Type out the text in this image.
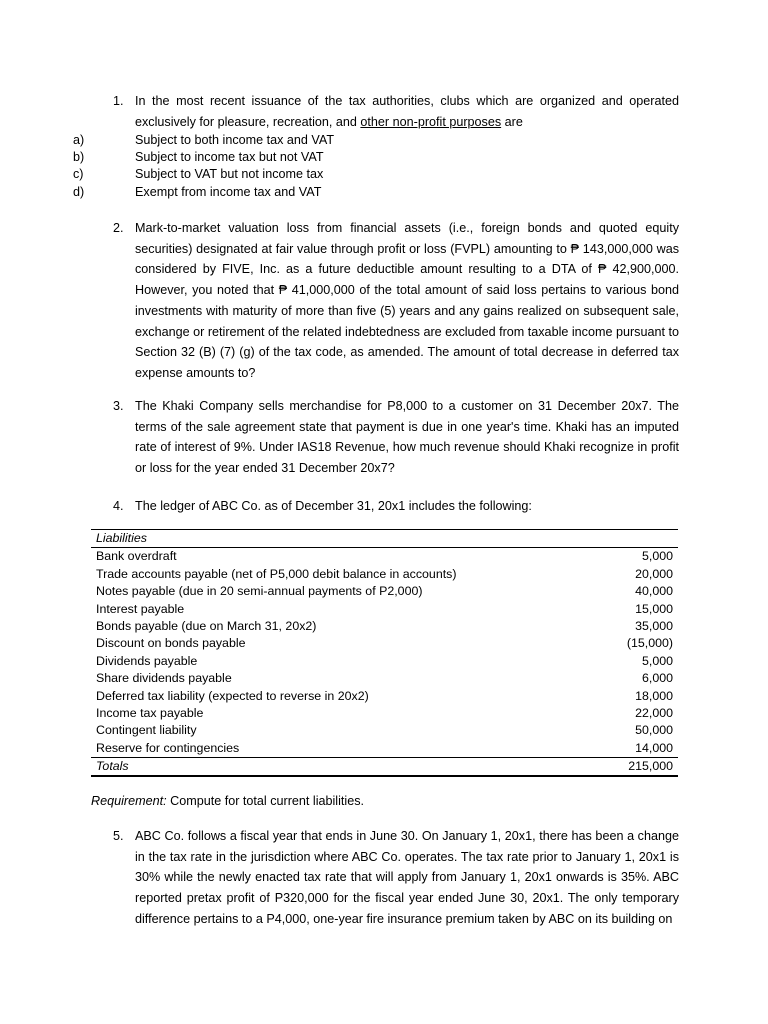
1. In the most recent issuance of the tax authorities, clubs which are organized and operated exclusively for pleasure, recreation, and other non-profit purposes are
a)	Subject to both income tax and VAT
b)	Subject to income tax but not VAT
c)	Subject to VAT but not income tax
d)	Exempt from income tax and VAT
2. Mark-to-market valuation loss from financial assets (i.e., foreign bonds and quoted equity securities) designated at fair value through profit or loss (FVPL) amounting to ₱ 143,000,000 was considered by FIVE, Inc. as a future deductible amount resulting to a DTA of ₱ 42,900,000. However, you noted that ₱ 41,000,000 of the total amount of said loss pertains to various bond investments with maturity of more than five (5) years and any gains realized on subsequent sale, exchange or retirement of the related indebtedness are excluded from taxable income pursuant to Section 32 (B) (7) (g) of the tax code, as amended. The amount of total decrease in deferred tax expense amounts to?
3. The Khaki Company sells merchandise for P8,000 to a customer on 31 December 20x7. The terms of the sale agreement state that payment is due in one year's time. Khaki has an imputed rate of interest of 9%. Under IAS18 Revenue, how much revenue should Khaki recognize in profit or loss for the year ended 31 December 20x7?
4. The ledger of ABC Co. as of December 31, 20x1 includes the following:
Liabilities
Bank overdraft	5,000
Trade accounts payable (net of P5,000 debit balance in accounts)	20,000
Notes payable (due in 20 semi-annual payments of P2,000)	40,000
Interest payable	15,000
Bonds payable (due on March 31, 20x2)	35,000
Discount on bonds payable	(15,000)
Dividends payable	5,000
Share dividends payable	6,000
Deferred tax liability (expected to reverse in 20x2)	18,000
Income tax payable	22,000
Contingent liability	50,000
Reserve for contingencies	14,000
Totals	215,000
Requirement: Compute for total current liabilities.
5. ABC Co. follows a fiscal year that ends in June 30. On January 1, 20x1, there has been a change in the tax rate in the jurisdiction where ABC Co. operates. The tax rate prior to January 1, 20x1 is 30% while the newly enacted tax rate that will apply from January 1, 20x1 onwards is 35%. ABC reported pretax profit of P320,000 for the fiscal year ended June 30, 20x1. The only temporary difference pertains to a P4,000, one-year fire insurance premium taken by ABC on its building on
